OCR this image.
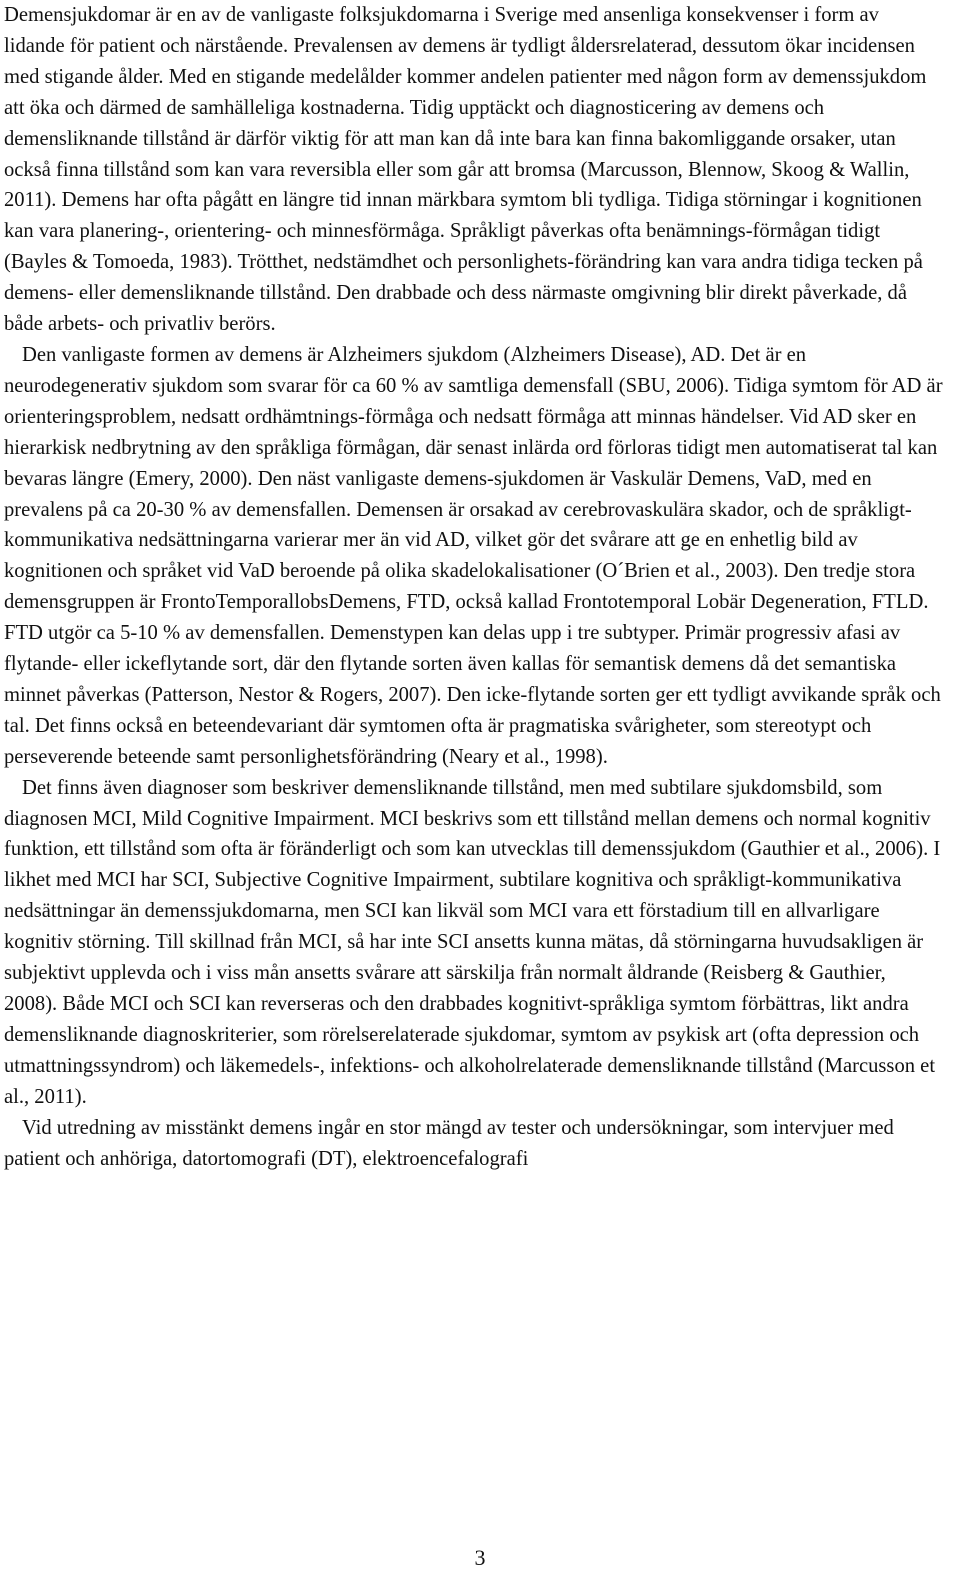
Demensjukdomar är en av de vanligaste folksjukdomarna i Sverige med ansenliga konsekvenser i form av lidande för patient och närstående. Prevalensen av demens är tydligt åldersrelaterad, dessutom ökar incidensen med stigande ålder. Med en stigande medelålder kommer andelen patienter med någon form av demenssjukdom att öka och därmed de samhälleliga kostnaderna. Tidig upptäckt och diagnosticering av demens och demensliknande tillstånd är därför viktig för att man kan då inte bara kan finna bakomliggande orsaker, utan också finna tillstånd som kan vara reversibla eller som går att bromsa (Marcusson, Blennow, Skoog & Wallin, 2011). Demens har ofta pågått en längre tid innan märkbara symtom bli tydliga. Tidiga störningar i kognitionen kan vara planering-, orientering- och minnesförmåga. Språkligt påverkas ofta benämnings-förmågan tidigt (Bayles & Tomoeda, 1983). Trötthet, nedstämdhet och personlighets-förändring kan vara andra tidiga tecken på demens- eller demensliknande tillstånd. Den drabbade och dess närmaste omgivning blir direkt påverkade, då både arbets- och privatliv berörs.

Den vanligaste formen av demens är Alzheimers sjukdom (Alzheimers Disease), AD. Det är en neurodegenerativ sjukdom som svarar för ca 60 % av samtliga demensfall (SBU, 2006). Tidiga symtom för AD är orienteringsproblem, nedsatt ordhämtnings-förmåga och nedsatt förmåga att minnas händelser. Vid AD sker en hierarkisk nedbrytning av den språkliga förmågan, där senast inlärda ord förloras tidigt men automatiserat tal kan bevaras längre (Emery, 2000). Den näst vanligaste demens-sjukdomen är Vaskulär Demens, VaD, med en prevalens på ca 20-30 % av demensfallen. Demensen är orsakad av cerebrovaskulära skador, och de språkligt-kommunikativa nedsättningarna varierar mer än vid AD, vilket gör det svårare att ge en enhetlig bild av kognitionen och språket vid VaD beroende på olika skadelokalisationer (O´Brien et al., 2003). Den tredje stora demensgruppen är FrontoTemporallobsDemens, FTD, också kallad Frontotemporal Lobär Degeneration, FTLD. FTD utgör ca 5-10 % av demensfallen. Demenstypen kan delas upp i tre subtyper. Primär progressiv afasi av flytande- eller ickeflytande sort, där den flytande sorten även kallas för semantisk demens då det semantiska minnet påverkas (Patterson, Nestor & Rogers, 2007). Den icke-flytande sorten ger ett tydligt avvikande språk och tal. Det finns också en beteendevariant där symtomen ofta är pragmatiska svårigheter, som stereotypt och perseverende beteende samt personlighetsförändring (Neary et al., 1998).

Det finns även diagnoser som beskriver demensliknande tillstånd, men med subtilare sjukdomsbild, som diagnosen MCI, Mild Cognitive Impairment. MCI beskrivs som ett tillstånd mellan demens och normal kognitiv funktion, ett tillstånd som ofta är föränderligt och som kan utvecklas till demenssjukdom (Gauthier et al., 2006). I likhet med MCI har SCI, Subjective Cognitive Impairment, subtilare kognitiva och språkligt-kommunikativa nedsättningar än demenssjukdomarna, men SCI kan likväl som MCI vara ett förstadium till en allvarligare kognitiv störning. Till skillnad från MCI, så har inte SCI ansetts kunna mätas, då störningarna huvudsakligen är subjektivt upplevda och i viss mån ansetts svårare att särskilja från normalt åldrande (Reisberg & Gauthier, 2008). Både MCI och SCI kan reverseras och den drabbades kognitivt-språkliga symtom förbättras, likt andra demensliknande diagnoskriterier, som rörelserelaterade sjukdomar, symtom av psykisk art (ofta depression och utmattningssyndrom) och läkemedels-, infektions- och alkoholrelaterade demensliknande tillstånd (Marcusson et al., 2011).

Vid utredning av misstänkt demens ingår en stor mängd av tester och undersökningar, som intervjuer med patient och anhöriga, datortomografi (DT), elektroencefalografi

3
